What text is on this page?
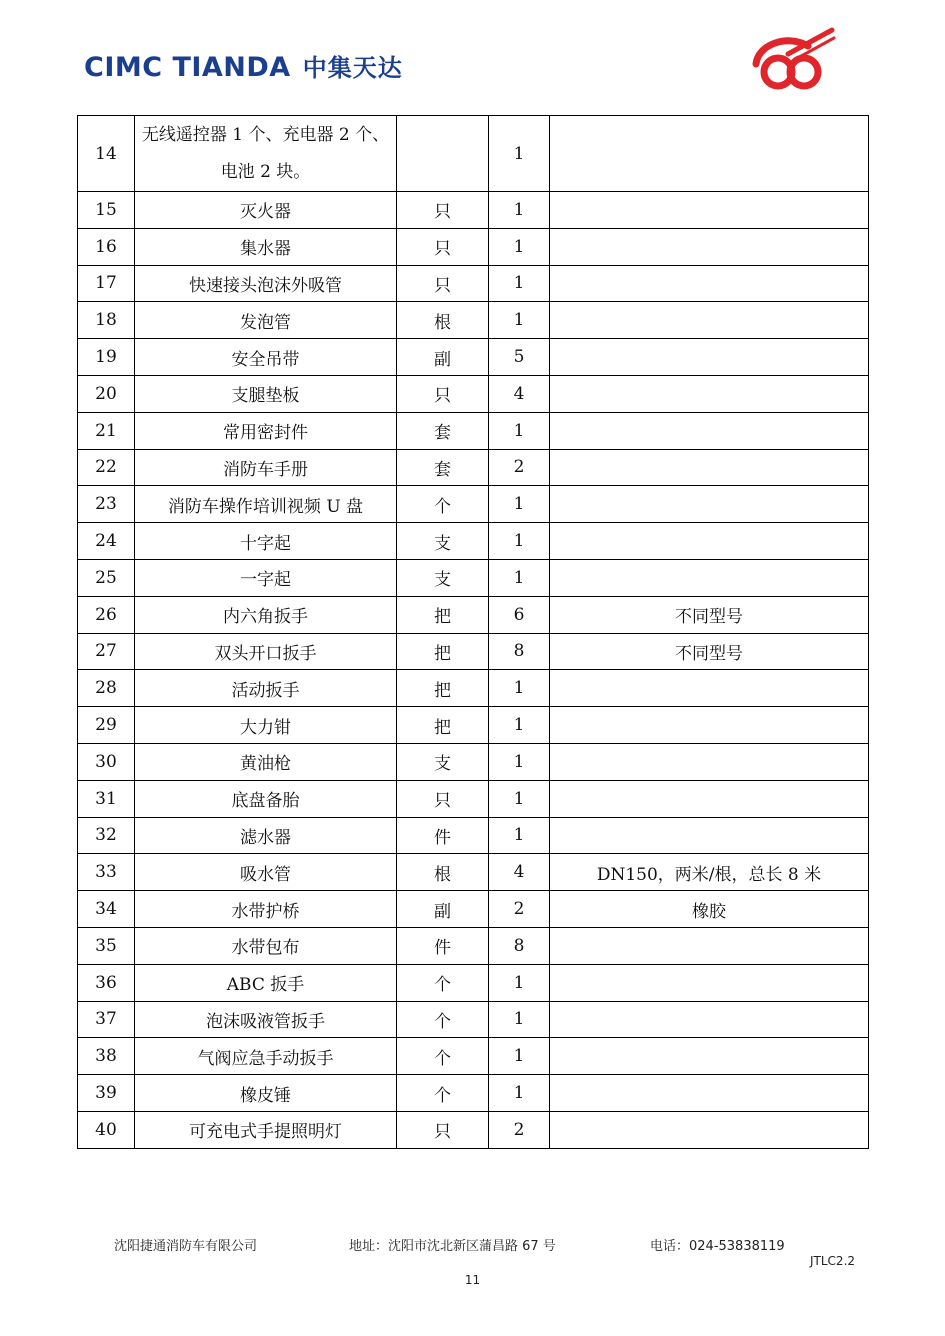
CIMC TIANDA 中集天达
14	无线遥控器 1 个、充电器 2 个、电池 2 块。		1	
15	灭火器	只	1	
16	集水器	只	1	
17	快速接头泡沫外吸管	只	1	
18	发泡管	根	1	
19	安全吊带	副	5	
20	支腿垫板	只	4	
21	常用密封件	套	1	
22	消防车手册	套	2	
23	消防车操作培训视频 U 盘	个	1	
24	十字起	支	1	
25	一字起	支	1	
26	内六角扳手	把	6	不同型号
27	双头开口扳手	把	8	不同型号
28	活动扳手	把	1	
29	大力钳	把	1	
30	黄油枪	支	1	
31	底盘备胎	只	1	
32	滤水器	件	1	
33	吸水管	根	4	DN150，两米/根，总长 8 米
34	水带护桥	副	2	橡胶
35	水带包布	件	8	
36	ABC 扳手	个	1	
37	泡沫吸液管扳手	个	1	
38	气阀应急手动扳手	个	1	
39	橡皮锤	个	1	
40	可充电式手提照明灯	只	2	
沈阳捷通消防车有限公司	地址：沈阳市沈北新区蒲昌路 67 号	电话：024-53838119
JTLC2.2
11
